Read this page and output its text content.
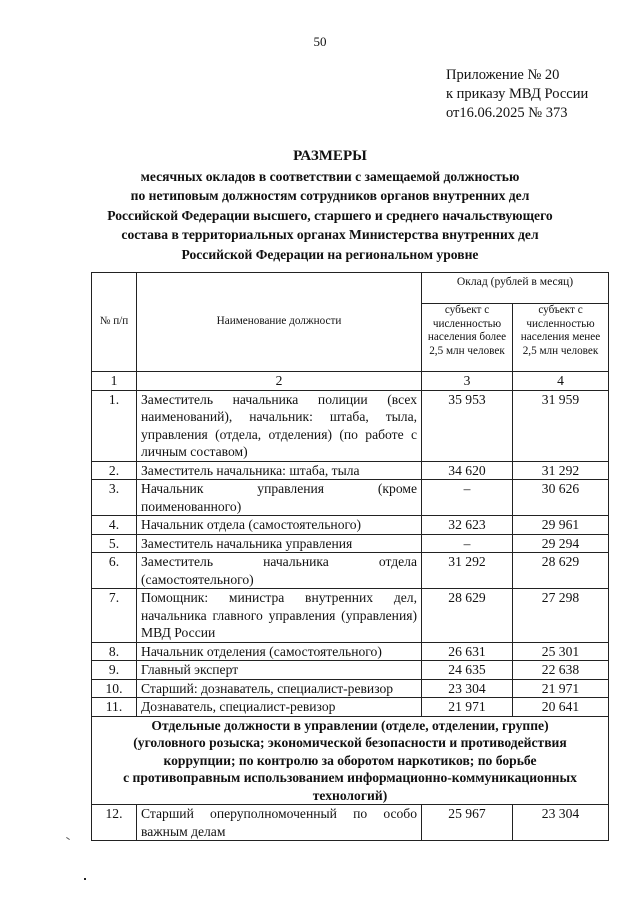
50
Приложение № 20
к приказу МВД России
от16.06.2025 № 373
РАЗМЕРЫ
месячных окладов в соответствии с замещаемой должностью
по нетиповым должностям сотрудников органов внутренних дел
Российской Федерации высшего, старшего и среднего начальствующего
состава в территориальных органах Министерства внутренних дел
Российской Федерации на региональном уровне
№ п/п	Наименование должности	Оклад (рублей в месяц)	
		субъект с численностью населения более 2,5 млн человек	субъект с численностью населения менее 2,5 млн человек
1	2	3	4
1.	Заместитель начальника полиции (всех наименований), начальник: штаба, тыла, управления (отдела, отделения) (по работе с личным составом)	35 953	31 959
2.	Заместитель начальника: штаба, тыла	34 620	31 292
3.	Начальник управления (кроме поименованного)	–	30 626
4.	Начальник отдела (самостоятельного)	32 623	29 961
5.	Заместитель начальника управления	–	29 294
6.	Заместитель начальника отдела (самостоятельного)	31 292	28 629
7.	Помощник: министра внутренних дел, начальника главного управления (управления) МВД России	28 629	27 298
8.	Начальник отделения (самостоятельного)	26 631	25 301
9.	Главный эксперт	24 635	22 638
10.	Старший: дознаватель, специалист-ревизор	23 304	21 971
11.	Дознаватель, специалист-ревизор	21 971	20 641

Отдельные должности в управлении (отделе, отделении, группе)
(уголовного розыска; экономической безопасности и противодействия
коррупции; по контролю за оборотом наркотиков; по борьбе
с противоправным использованием информационно-коммуникационных
технологий)			

12.	Старший оперуполномоченный по особо важным делам	25 967	23 304
